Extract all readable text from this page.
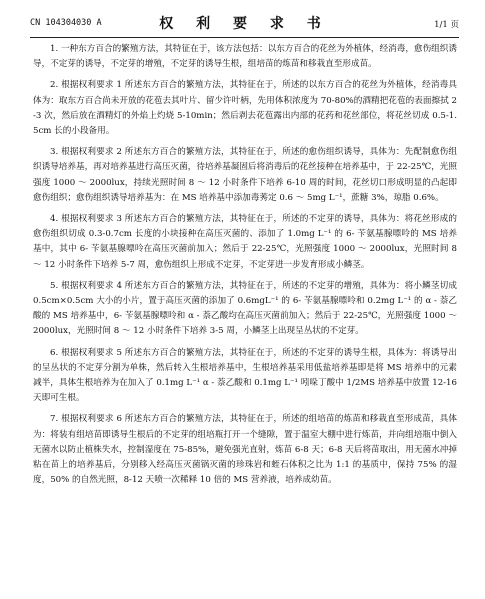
CN 104304030 A	权 利 要 求 书	1/1 页

1. 一种东方百合的繁殖方法，其特征在于，该方法包括：以东方百合的花丝为外植体，经消毒，愈伤组织诱导，不定芽的诱导，不定芽的增殖，不定芽的诱导生根，组培苗的炼苗和移栽直至形成苗。

2. 根据权利要求 1 所述东方百合的繁殖方法，其特征在于，所述的以东方百合的花丝为外植体，经消毒具体为：取东方百合尚未开放的花苞去其叶片、留少许叶柄，先用体积浓度为 70-80%的酒精把花苞的表面擦拭 2-3 次，然后放在酒精灯的外焰上灼烧 5-10min；然后剥去花苞露出内部的花药和花丝部位，将花丝切成 0.5-1.5cm 长的小段备用。

3. 根据权利要求 2 所述东方百合的繁殖方法，其特征在于，所述的愈伤组织诱导，具体为：先配制愈伤组织诱导培养基，再对培养基进行高压灭菌，待培养基凝固后将消毒后的花丝接种在培养基中，于 22-25℃，光照强度 1000 ～ 2000lux，持续光照时间 8 ～ 12 小时条件下培养 6-10 周的时间，花丝切口形成明显的凸起即愈伤组织；愈伤组织诱导培养基为：在 MS 培养基中添加毒莠定 0.6 ～ 5mg L⁻¹，蔗糖 3%，琼脂 0.6%。

4. 根据权利要求 3 所述东方百合的繁殖方法，其特征在于，所述的不定芽的诱导，具体为：将花丝形成的愈伤组织切成 0.3-0.7cm 长度的小块接种在高压灭菌的、添加了 1.0mg L⁻¹ 的 6- 苄氨基腺嘌呤的 MS 培养基中，其中 6- 苄氨基腺嘌呤在高压灭菌前加入；然后于 22-25℃，光照强度 1000 ～ 2000lux，光照时间 8 ～ 12 小时条件下培养 5-7 周，愈伤组织上形成不定芽，不定芽进一步发育形成小鳞茎。

5. 根据权利要求 4 所述东方百合的繁殖方法，其特征在于，所述的不定芽的增殖，具体为：将小鳞茎切成 0.5cm×0.5cm 大小的小片，置于高压灭菌的添加了 0.6mgL⁻¹ 的 6- 苄氨基腺嘌呤和 0.2mg L⁻¹ 的 α - 萘乙酸的 MS 培养基中，6- 苄氨基腺嘌呤和 α - 萘乙酸均在高压灭菌前加入；然后于 22-25℃，光照强度 1000 ～ 2000lux，光照时间 8 ～ 12 小时条件下培养 3-5 周，小鳞茎上出现呈丛状的不定芽。

6. 根据权利要求 5 所述东方百合的繁殖方法，其特征在于，所述的不定芽的诱导生根，具体为：将诱导出的呈丛状的不定芽分割为单株，然后转入生根培养基中，生根培养基采用低盐培养基即是将 MS 培养中的元素减半，具体生根培养为在加入了 0.1mg L⁻¹ α - 萘乙酸和 0.1mg L⁻¹ 吲哚丁酸中 1/2MS 培养基中放置 12-16 天即可生根。

7. 根据权利要求 6 所述东方百合的繁殖方法，其特征在于，所述的组培苗的炼苗和移栽直至形成苗，具体为：将装有组培苗即诱导生根后的不定芽的组培瓶打开一个缝隙，置于温室大棚中进行炼苗，并向组培瓶中倒入无菌水以防止植株失水，控制湿度在 75-85%，避免强光直射，炼苗 6-8 天；6-8 天后将苗取出，用无菌水冲掉粘在苗上的培养基后，分别移入经高压灭菌锅灭菌的珍珠岩和蛭石体积之比为 1:1 的基质中，保持 75% 的湿度，50% 的自然光照，8-12 天喷一次稀释 10 倍的 MS 营养液，培养成幼苗。
